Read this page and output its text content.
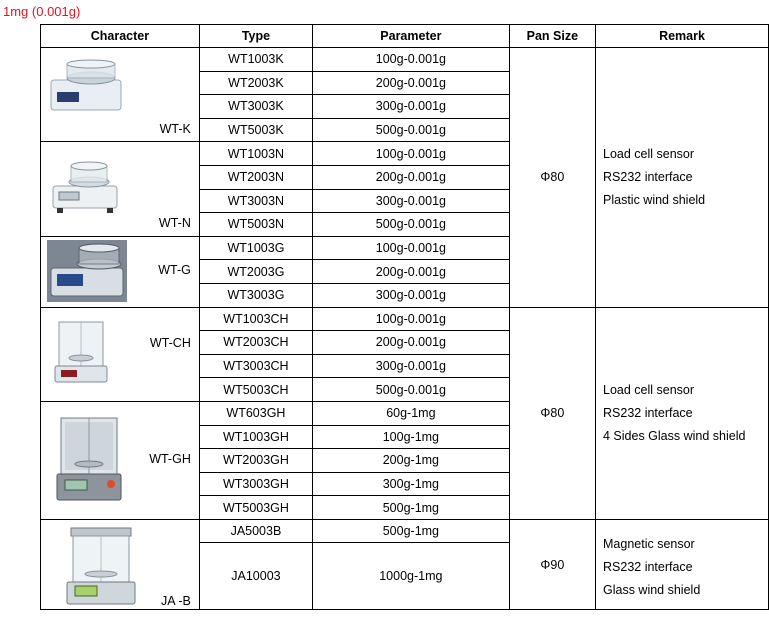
1mg (0.001g)
Character	Type	Parameter	Pan Size	Remark

WT-K	WT1003K	100g-0.001g	Φ80	Load cell sensor
RS232 interface
Plastic wind shield

	WT2003K	200g-0.001g		
	WT3003K	300g-0.001g		
	WT5003K	500g-0.001g		

WT-N	WT1003N	100g-0.001g		
	WT2003N	200g-0.001g		
	WT3003N	300g-0.001g		
	WT5003N	500g-0.001g		

WT-G	WT1003G	100g-0.001g		
	WT2003G	200g-0.001g		
	WT3003G	300g-0.001g		

WT-CH	WT1003CH	100g-0.001g	Φ80	Load cell sensor
RS232 interface
4 Sides Glass wind shield

	WT2003CH	200g-0.001g		
	WT3003CH	300g-0.001g		
	WT5003CH	500g-0.001g		

WT-GH	WT603GH	60g-1mg		
	WT1003GH	100g-1mg		
	WT2003GH	200g-1mg		
	WT3003GH	300g-1mg		
	WT5003GH	500g-1mg		

JA -B	JA5003B	500g-1mg	Φ90	Magnetic sensor
RS232 interface
Glass wind shield

	JA10003	1000g-1mg		
